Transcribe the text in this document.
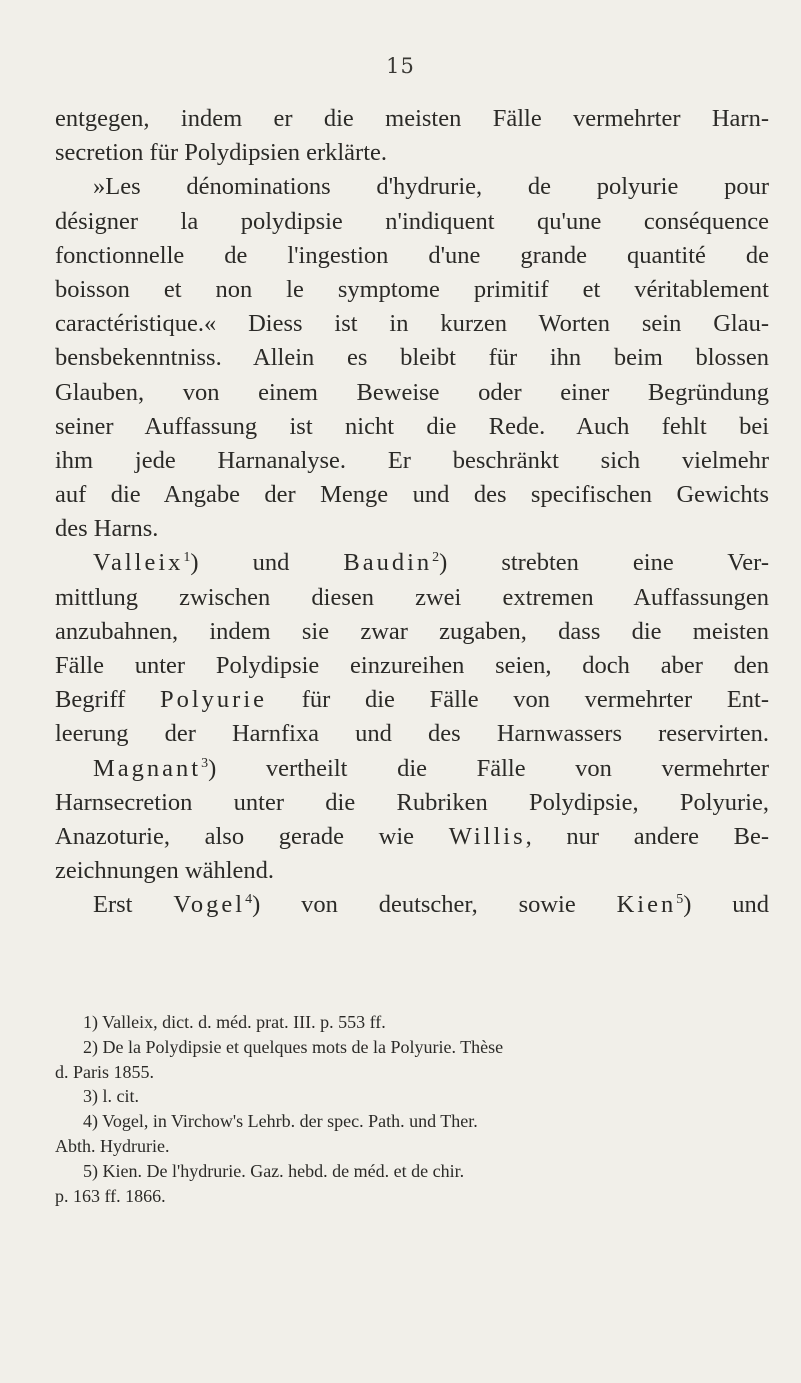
15
entgegen, indem er die meisten Fälle vermehrter Harn-
secretion für Polydipsien erklärte.
»Les dénominations d'hydrurie, de polyurie pour
désigner la polydipsie n'indiquent qu'une conséquence
fonctionnelle de l'ingestion d'une grande quantité de
boisson et non le symptome primitif et véritablement
caractéristique.« Diess ist in kurzen Worten sein Glau-
bensbekenntniss. Allein es bleibt für ihn beim blossen
Glauben, von einem Beweise oder einer Begründung
seiner Auffassung ist nicht die Rede. Auch fehlt bei
ihm jede Harnanalyse. Er beschränkt sich vielmehr
auf die Angabe der Menge und des specifischen Gewichts
des Harns.
Valleix$^1$) und Baudin$^2$) strebten eine Ver-
mittlung zwischen diesen zwei extremen Auffassungen
anzubahnen, indem sie zwar zugaben, dass die meisten
Fälle unter Polydipsie einzureihen seien, doch aber den
Begriff Polyurie für die Fälle von vermehrter Ent-
leerung der Harnfixa und des Harnwassers reservirten.
Magnant$^3$) vertheilt die Fälle von vermehrter
Harnsecretion unter die Rubriken Polydipsie, Polyurie,
Anazoturie, also gerade wie Willis, nur andere Be-
zeichnungen wählend.
Erst Vogel$^4$) von deutscher, sowie Kien$^5$) und
1) Valleix, dict. d. méd. prat. III. p. 553 ff.
2) De la Polydipsie et quelques mots de la Polyurie. Thèse
d. Paris 1855.
3) l. cit.
4) Vogel, in Virchow's Lehrb. der spec. Path. und Ther.
Abth. Hydrurie.
5) Kien. De l'hydrurie. Gaz. hebd. de méd. et de chir.
p. 163 ff. 1866.
